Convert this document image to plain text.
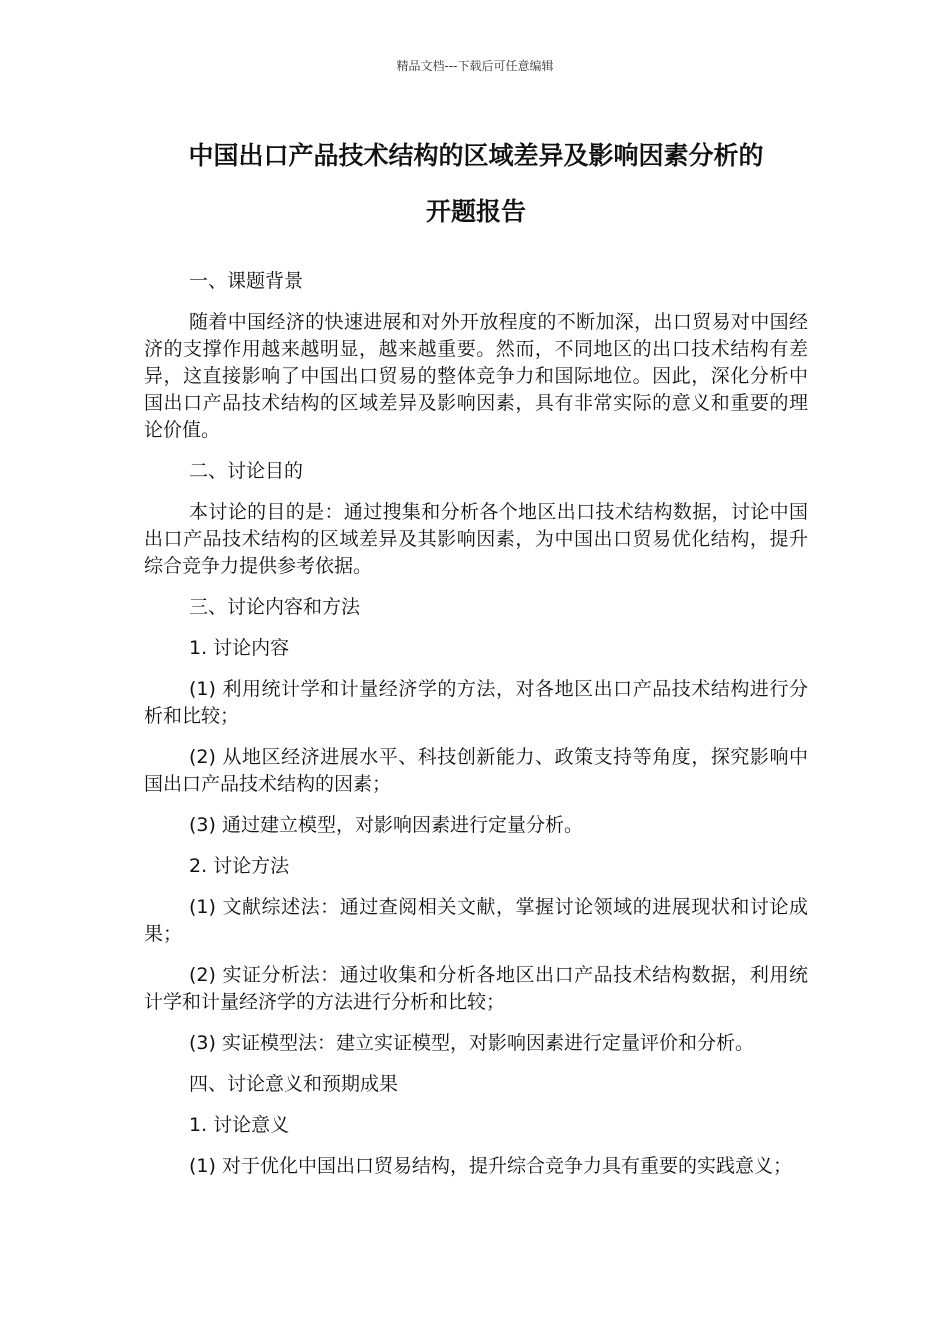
精品文档---下载后可任意编辑
中国出口产品技术结构的区域差异及影响因素分析的
开题报告

一、课题背景

随着中国经济的快速进展和对外开放程度的不断加深，出口贸易对中国经济的支撑作用越来越明显，越来越重要。然而，不同地区的出口技术结构有差异，这直接影响了中国出口贸易的整体竞争力和国际地位。因此，深化分析中国出口产品技术结构的区域差异及影响因素，具有非常实际的意义和重要的理论价值。

二、讨论目的

本讨论的目的是：通过搜集和分析各个地区出口技术结构数据，讨论中国出口产品技术结构的区域差异及其影响因素，为中国出口贸易优化结构，提升综合竞争力提供参考依据。

三、讨论内容和方法

1. 讨论内容

(1) 利用统计学和计量经济学的方法，对各地区出口产品技术结构进行分析和比较；

(2) 从地区经济进展水平、科技创新能力、政策支持等角度，探究影响中国出口产品技术结构的因素；

(3) 通过建立模型，对影响因素进行定量分析。

2. 讨论方法

(1) 文献综述法：通过查阅相关文献，掌握讨论领域的进展现状和讨论成果；

(2) 实证分析法：通过收集和分析各地区出口产品技术结构数据，利用统计学和计量经济学的方法进行分析和比较；

(3) 实证模型法：建立实证模型，对影响因素进行定量评价和分析。

四、讨论意义和预期成果

1. 讨论意义

(1) 对于优化中国出口贸易结构，提升综合竞争力具有重要的实践意义；
